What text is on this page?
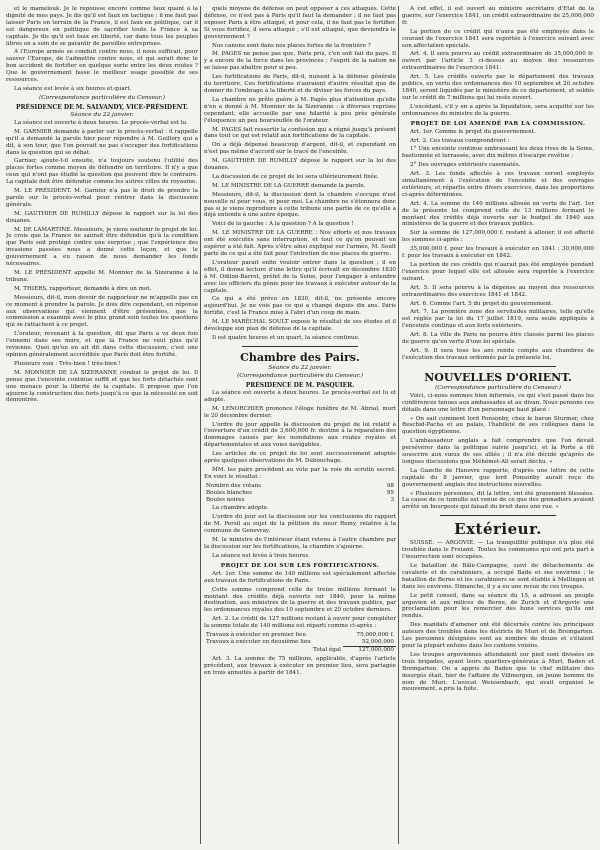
et le mamelouk. Je le repousse encore comme faux quant à la dignité de mes pays. Je dis qu'il est faux en tactique : il me faut pas laisser Paris en terrain de la France, il est faux en politique, car il est dangereux en politique de sacrifier toute la France à sa capitale. Je dis qu'il est faux en liberté, car dans tous les peuples libres on a soin de se garantir de pareilles entreprises.

A l'Europe armée se conduit contre nous, il nous suffirait, pour sauver l'Europe, de l'admettre contre nous, et qui serait donc le bon accident de fortifier en quelque sorte entre les deux routes ? Que le gouvernement fasse le meilleur usage possible de ses ressources.

La séance est levée à six heures et quart.

(Correspondance particulière du Censeur.)
PRÉSIDENCE DE M. SALVANDY, VICE-PRÉSIDENT.
Séance du 22 janvier.

La séance est ouverte à deux heures. Le procès-verbal est lu.

M. GARNIER demande à parler sur le procès-verbal : il rappelle qu'il a demandé la parole hier pour répondre à M. Guillory qui a dit, à son tour, que l'on pouvait ne pas s'occuper des fortifications dans la question qui se débat.

Garnier, ajoute-t-il ensuite, n'a toujours soutenu l'utilité des places fortes comme moyen de défendre un territoire. Il n'y a que ceux qui n'ont pas étudié la question qui peuvent dire le contraire. La capitale doit être défendue comme les autres villes du royaume.

M. LE PRÉSIDENT. M. Garnier n'a pas le droit de prendre la parole sur le procès-verbal pour rentrer dans la discussion générale.

M. GAUTHIER DE RUMILLY dépose le rapport sur la loi des douanes.

M. DE LAMARTINE. Messieurs, je viens soutenir le projet de loi. Je crois que la France ne saurait être défendue qu'à la condition que Paris soit protégé contre une surprise ; que l'expérience des invasions passées nous a donné cette leçon, et que le gouvernement a eu raison de nous demander les fonds nécessaires.

M. LE PRÉSIDENT appelle M. Monnier de la Sizeranne à la tribune.

M. THIERS, rapporteur, demande à dire un mot.

Messieurs, dit-il, mon devoir de rapporteur ne m'appelle pas en ce moment à prendre la parole. Je dois dire cependant, en réponse aux observations qui viennent d'être présentées, que la commission a examiné avec le plus grand soin toutes les questions qui se rattachent à ce projet.

L'orateur, revenant à la question, dit que Paris a vu deux fois l'ennemi dans ses murs, et que la France ne veut plus qu'il revienne. Quoi qu'on en ait dit dans cette discussion, c'est une opinion généralement accréditée que Paris doit être fortifié.

Plusieurs voix : Très-bien ! très-bien !

M. MONNIER DE LA SIZERANNE combat le projet de loi. Il pense que l'enceinte continue suffit et que les forts détachés sont une menace pour la liberté de la capitale. Il propose que l'on ajourne la construction des forts jusqu'à ce que la nécessité en soit démontrée.

quels moyens de défense on peut opposer à ces attaques. Cette défense, ce n'est pas à Paris qu'il faut la demander ; il ne faut pas exposer Paris à être attaqué, et pour cela, il ne faut pas le fortifier. Si vous fortifiez, il sera attaqué ; s'il est attaqué, que deviendra le gouvernement ?

Nos canons sont dans nos places fortes de la frontière ?

M. PAGES ne pense pas que, Paris pris, c'en soit fait du pays. Il y a encore de la force dans les provinces ; l'esprit de la nation ne se laisse pas abattre pour si peu.

Les fortifications de Paris, dit-il, nuisent à la défense générale du territoire. Ces fortifications n'auraient d'autre résultat que de donner de l'ombrage à la liberté et de diviser les forces du pays.

La chambre ne prête guère à M. Pagès plus d'attention qu'elle n'en a donné à M. Monnier de la Sizeranne : à diverses reprises cependant, elle accueille par une hilarité à peu près générale l'éloquence un peu boursouflée de l'orateur.

M. PAGES fait ressortir la confusion qui a régné jusqu'à présent dans tout ce qui est relatif aux fortifications de la capitale.

On a déjà dépensé beaucoup d'argent, dit-il, et cependant on n'est pas même d'accord sur le tracé de l'enceinte.

M. GAUTHIER DE RUMILLY dépose le rapport sur la loi des douanes.

La discussion de ce projet de loi sera ultérieurement fixée.

M. LE MINISTRE DE LA GUERRE demande la parole.

Messieurs, dit-il, la discussion dont la chambre s'occupe n'est nouvelle ni pour vous, ni pour moi. La chambre ne s'étonnera donc pas si je viens reproduire à cette tribune une partie de ce qu'elle a déjà entendu à une autre époque.

Voici de la gauche : A la question ? A la question !

M. LE MINISTRE DE LA GUERRE : Nos efforts et nos travaux ont été exécutés sans interruption, et tout ce qu'on pouvait en espérer a été fait. Après s'être ainsi expliqué sur l'armée, M. Soult parle de ce qui a été fait pour l'entretien de nos places de guerre.

L'orateur parait enfin vouloir entrer dans la question ; il en effet, il donne lecture d'une lettre qu'il écrivait en décembre 1830 à M. Odilon-Barrot, préfet de la Seine, pour l'engager à entendre avec les officiers du génie pour les travaux à exécuter autour de la capitale.

Ce qui a été prévu en 1830, dit-il, ne présente encore aujourd'hui. Je ne vois pas ce qui a changé depuis dix ans. Paris fortifié, c'est la France mise à l'abri d'un coup de main.

M. LE MARÉCHAL SOULT expose le résultat de ses études et il développe son plan de défense de la capitale.

Il est quatre heures et un quart, la séance continue.

Chambre des Pairs.
Séance du 22 janvier.
(Correspondance particulière du Censeur.)
PRÉSIDENCE DE M. PASQUIER.

La séance est ouverte à deux heures. Le procès-verbal est lu et adopté.

M. LENORCHIER prononce l'éloge funèbre de M. Abrial, mort le 20 décembre dernier.

L'ordre du jour appelle la discussion du projet de loi relatif à l'ouverture d'un crédit de 3,600,000 fr. destiné à la réparation des dommages causés par les inondations aux routes royales et départementales et aux voies navigables.

Les articles de ce projet de loi sont successivement adoptés après quelques observations de M. Dubouchage.

MM. les pairs procèdent au vote par la voie du scrutin secret. En voici le résultat :

Nombre des votans	98
Boules blanches	95
Boules noires	3

La chambre adopte.

L'ordre du jour est la discussion sur les conclusions du rapport de M. Persil au sujet de la pétition du sieur Remy, relative à la commune de Genevray.

M. le ministre de l'intérieur étant retenu à l'autre chambre par la discussion sur les fortifications, la chambre s'ajourne.

La séance est levée à trois heures.

PROJET DE LOI SUR LES FORTIFICATIONS.

Art. 1er. Une somme de 140 millions est spécialement affectée aux travaux de fortifications de Paris.

Cette somme comprend celle de treize millions formant le montant des crédits déjà ouverts sur 1840, pour la même destination, aux ministres de la guerre et des travaux publics, par les ordonnances royales des 10 septembre et 20 octobre derniers.

Art. 2. Le crédit de 127 millions restant à ouvrir pour compléter la somme totale de 140 millions est réparti comme ci-après :

Travaux à exécuter en premier lieu	75,000,000 f.
Travaux à exécuter en deuxième lieu	52,000,000
Total égal	127,000,000

Art. 3. La somme de 75 millions, applicable, d'après l'article précédent, aux travaux à exécuter en premier lieu, sera partagée en trois annuités à partir de 1841.

A cet effet, il est ouvert au ministre secrétaire d'État de la guerre, sur l'exercice 1841, un crédit extraordinaire de 25,000,000 fr.

La portion de ce crédit qui n'aura pas été employée dans le courant de l'exercice 1841 sera reportée à l'exercice suivant avec son affectation spéciale.

Art. 4. Il sera pourvu au crédit extraordinaire de 35,000,000 fr. ouvert par l'article 3 ci-dessus au moyen des ressources extraordinaires de l'exercice 1841.

Art. 5. Les crédits ouverts par le département des travaux publics, en vertu des ordonnances des 10 septembre et 20 octobre 1840, seront liquidés par le ministère de ce département, et soldés sur le crédit de 7 millions qui lui reste ouvert.

L'excédant, s'il y en a après la liquidation, sera acquitté sur les ordonnances du ministre de la guerre.

PROJET DE LOI AMENDÉ PAR LA COMMISSION.

Art. 1er. Comme le projet du gouvernement.

Art. 2. Ces travaux comprendront :

1° Une enceinte continue embrassant les deux rives de la Seine, bastionnée et terrassée, avec dix mètres d'escarpe revêtue ;

2° Des ouvrages extérieurs casematés.

Art. 3. Les fonds affectés à ces travaux seront employés simultanément à l'exécution de l'enceinte et des ouvrages extérieurs, et répartis entre divers exercices, dans les proportions ci-après déterminées.

Art. 4. La somme de 140 millions allouée en vertu de l'art. 1er de la présente loi comprend celle de 13 millions formant le montant des crédits déjà ouverts sur le budget de 1840 aux ministères de la guerre et des travaux publics.

Sur la somme de 127,000,000 f. restant à allouer, il est affecté les sommes ci-après :

35,000,000 f. pour les travaux à exécuter en 1841 ; 30,000,000 f. pour les travaux à exécuter en 1842.

La portion de ces crédits qui n'aurait pas été employée pendant l'exercice pour lequel elle est allouée sera reportée à l'exercice suivant.

Art. 5. Il sera pourvu à la dépense au moyen des ressources extraordinaires des exercices 1841 et 1842.

Art. 6. Comme l'art. 5 du projet du gouvernement.

Art. 7. La première zone des servitudes militaires, telle qu'elle est réglée par la loi du 17 juillet 1819, sera seule appliquée à l'enceinte continue et aux forts extérieurs.

Art. 8. La ville de Paris ne pourra être classée parmi les places de guerre qu'en vertu d'une loi spéciale.

Art. 9. Il sera tous les ans rendu compte aux chambres de l'exécution des travaux ordonnés par la présente loi.

NOUVELLES D'ORIENT.
(Correspondance particulière du Censeur.)

Voici, ci-nous sommes bien informés, ce qui s'est passé dans les conférences tenues aux ambassades et au divan. Nous pensons ces détails dans une lettre d'un personnage haut placé :

« On sait comment lord Ponsonby, chez le baron Sturmer, chez Reschid-Pacha et au palais, l'habileté de ses collègues dans la question égyptienne.

L'ambassadeur anglais a fait comprendre que l'on devait persévérer dans la politique suivie jusqu'ici, et la Porte a dû souscrire aux vœux de ses alliés ; il n'a été décidé qu'après de longues discussions que Méhémet-Ali serait déchu. »

La Gazette de Hanovre rapporte, d'après une lettre de cette capitale du 8 janvier, que lord Ponsonby aurait reçu du gouvernement anglais des instructions nouvelles.

« Plusieurs personnes, dit la lettre, ont été gravement blessées. La cause de ce tumulte est venue de ce que des grenadiers avaient arrêté un bourgeois qui faisait du bruit dans une rue. »

Extérieur.

SUISSE. — ARGOVIE. — La tranquillité publique n'a plus été troublée dans le Freiamt. Toutes les communes qui ont pris part à l'insurrection sont occupées.

Le bataillon de Bâle-Campagne, suivi de détachements de cavalerie et de carabiniers, a occupé Bade et ses environs ; le bataillon de Berne et les carabiniers se sont établis à Mellingen et dans les environs. Dimanche, il y a eu une revue de ces troupes.

Le petit conseil, dans sa séance du 15, a adressé au peuple argovien et aux milices de Berne, de Zurich et d'Argovie une proclamation pour les remercier des bons services qu'ils ont rendus.

Des mandats d'amener ont été décernés contre les principaux auteurs des troubles dans les districts de Muri et de Bremgarten. Les personnes désignées sont au nombre de douze et s'étaient pour la plupart enfuies dans les cantons voisins.

Les troupes argoviennes attendaient sur pied sont divisées en trois brigades, ayant leurs quartiers-généraux à Muri, Baden et Bremgarten. On a appris de Baden que le chef militaire des insurgés était, hier de l'affaire de Villmergen, un jeune homme du nom de Muri. L'avocat Weissenbach, qui avait organisé le mouvement, a pris la fuite.
